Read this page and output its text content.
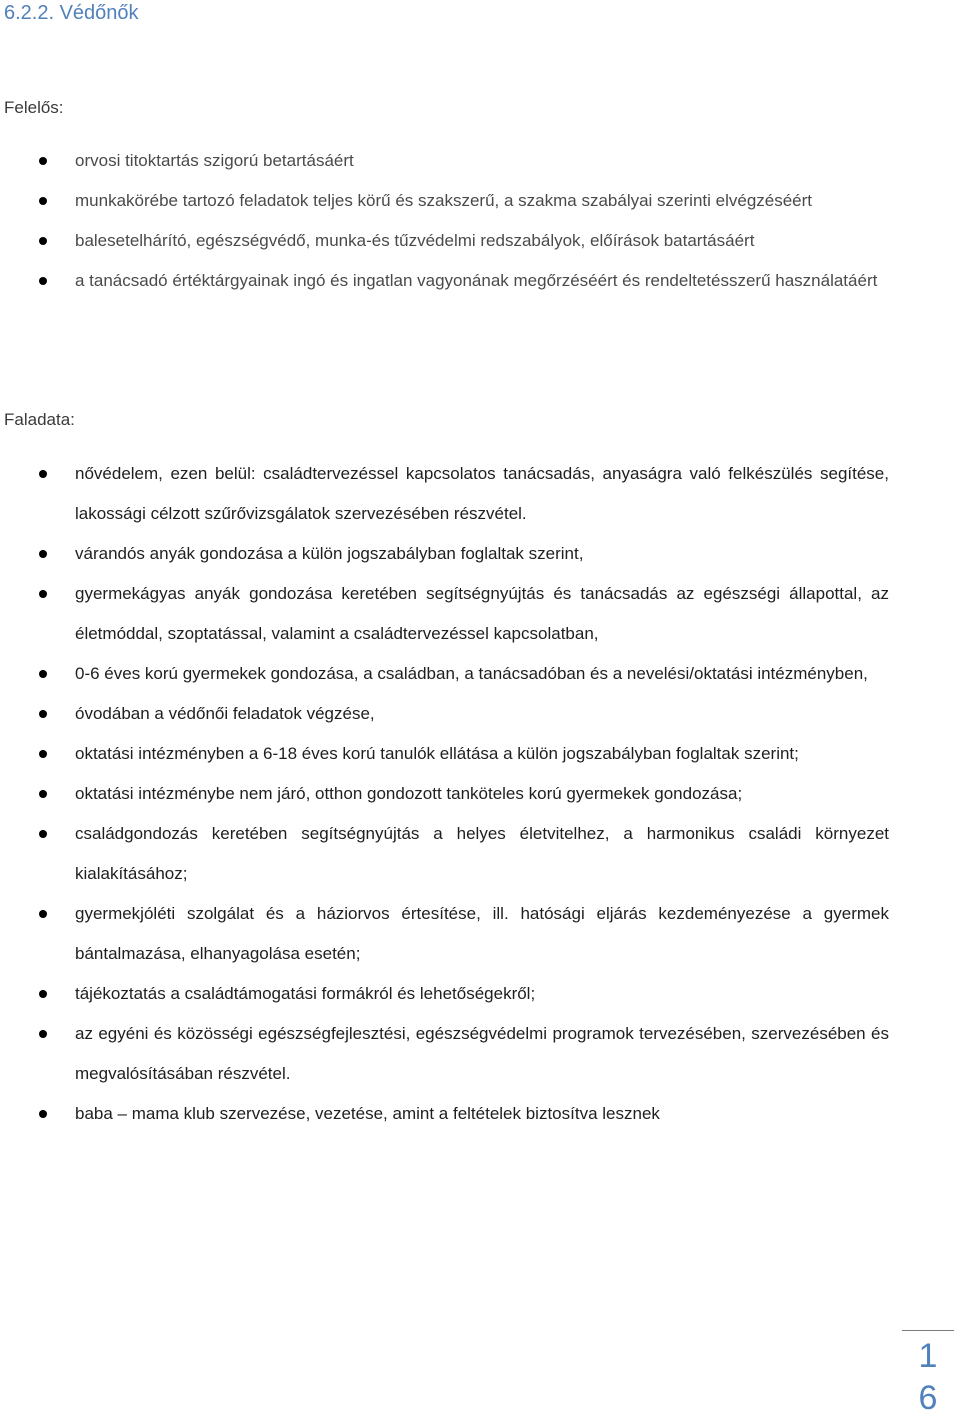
6.2.2. Védőnők

Felelős:

orvosi titoktartás szigorú betartásáért
munkakörébe tartozó feladatok teljes körű és szakszerű, a szakma szabályai szerinti elvégzéséért
balesetelhárító, egészségvédő, munka-és tűzvédelmi redszabályok, előírások batartásáért
a tanácsadó értéktárgyainak ingó és ingatlan vagyonának megőrzéséért és rendeltetésszerű használatáért

Faladata:

nővédelem, ezen belül: családtervezéssel kapcsolatos tanácsadás, anyaságra való felkészülés segítése, lakossági célzott szűrővizsgálatok szervezésében részvétel.
várandós anyák gondozása a külön jogszabályban foglaltak szerint,
gyermekágyas anyák gondozása keretében segítségnyújtás és tanácsadás az egészségi állapottal, az életmóddal, szoptatással, valamint a családtervezéssel kapcsolatban,
0-6 éves korú gyermekek gondozása, a családban, a tanácsadóban és a nevelési/oktatási intézményben,
óvodában a védőnői feladatok végzése,
oktatási intézményben a 6-18 éves korú tanulók ellátása a külön jogszabályban foglaltak szerint;
oktatási intézménybe nem járó, otthon gondozott tanköteles korú gyermekek gondozása;
családgondozás keretében segítségnyújtás a helyes életvitelhez, a harmonikus családi környezet kialakításához;
gyermekjóléti szolgálat és a háziorvos értesítése, ill. hatósági eljárás kezdeményezése a gyermek bántalmazása, elhanyagolása esetén;
tájékoztatás a családtámogatási formákról és lehetőségekről;
az egyéni és közösségi egészségfejlesztési, egészségvédelmi programok tervezésében, szervezésében és megvalósításában részvétel.
baba – mama klub szervezése, vezetése, amint a feltételek biztosítva lesznek
1
6
